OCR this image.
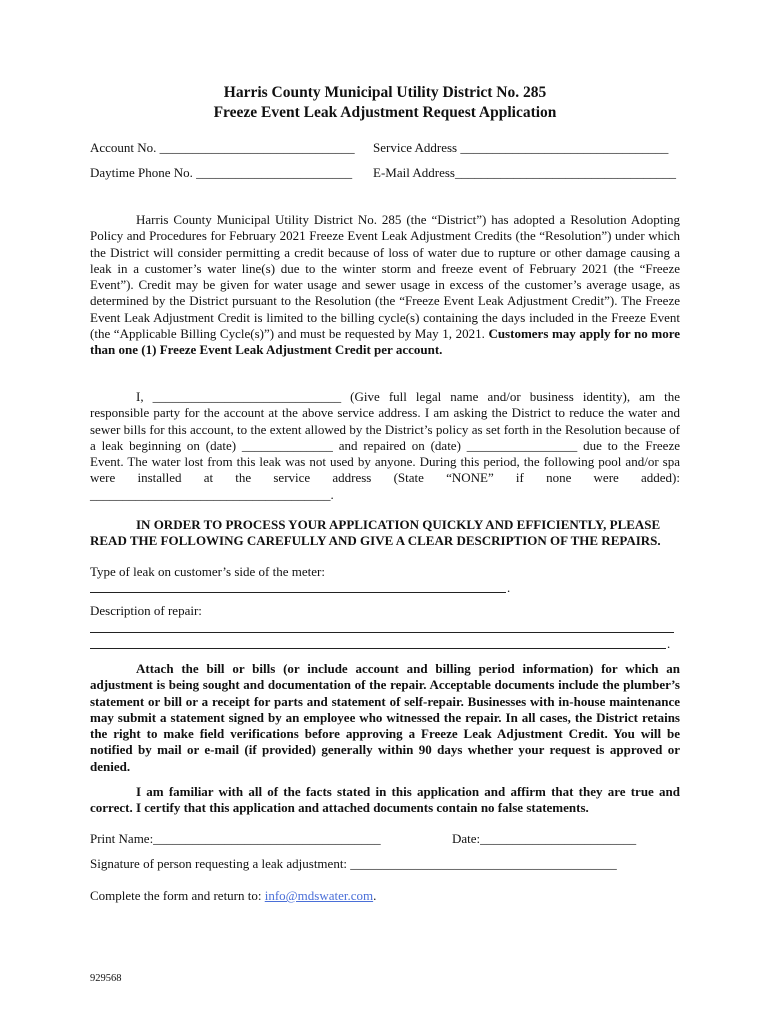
Harris County Municipal Utility District No. 285
Freeze Event Leak Adjustment Request Application
Account No. ______________________________ Service Address ________________________________
Daytime Phone No. ________________________ E-Mail Address__________________________________

Harris County Municipal Utility District No. 285 (the “District”) has adopted a Resolution Adopting Policy and Procedures for February 2021 Freeze Event Leak Adjustment Credits (the “Resolution”) under which the District will consider permitting a credit because of loss of water due to rupture or other damage causing a leak in a customer’s water line(s) due to the winter storm and freeze event of February 2021 (the “Freeze Event”). Credit may be given for water usage and sewer usage in excess of the customer’s average usage, as determined by the District pursuant to the Resolution (the “Freeze Event Leak Adjustment Credit”). The Freeze Event Leak Adjustment Credit is limited to the billing cycle(s) containing the days included in the Freeze Event (the “Applicable Billing Cycle(s)”) and must be requested by May 1, 2021. Customers may apply for no more than one (1) Freeze Event Leak Adjustment Credit per account.

I, _____________________________ (Give full legal name and/or business identity), am the responsible party for the account at the above service address. I am asking the District to reduce the water and sewer bills for this account, to the extent allowed by the District’s policy as set forth in the Resolution because of a leak beginning on (date) ______________ and repaired on (date) _________________ due to the Freeze Event. The water lost from this leak was not used by anyone. During this period, the following pool and/or spa were installed at the service address (State “NONE” if none were added): _____________________________________.

IN ORDER TO PROCESS YOUR APPLICATION QUICKLY AND EFFICIENTLY, PLEASE

READ THE FOLLOWING CAREFULLY AND GIVE A CLEAR DESCRIPTION OF THE REPAIRS.

Type of leak on customer’s side of the meter:
.
Description of repair:
.

Attach the bill or bills (or include account and billing period information) for which an adjustment is being sought and documentation of the repair. Acceptable documents include the plumber’s statement or bill or a receipt for parts and statement of self-repair. Businesses with in-house maintenance may submit a statement signed by an employee who witnessed the repair. In all cases, the District retains the right to make field verifications before approving a Freeze Leak Adjustment Credit. You will be notified by mail or e-mail (if provided) generally within 90 days whether your request is approved or denied.

I am familiar with all of the facts stated in this application and affirm that they are true and correct. I certify that this application and attached documents contain no false statements.

Print Name:___________________________________	Date:________________________
Signature of person requesting a leak adjustment: _________________________________________
Complete the form and return to: info@mdswater.com.
929568
